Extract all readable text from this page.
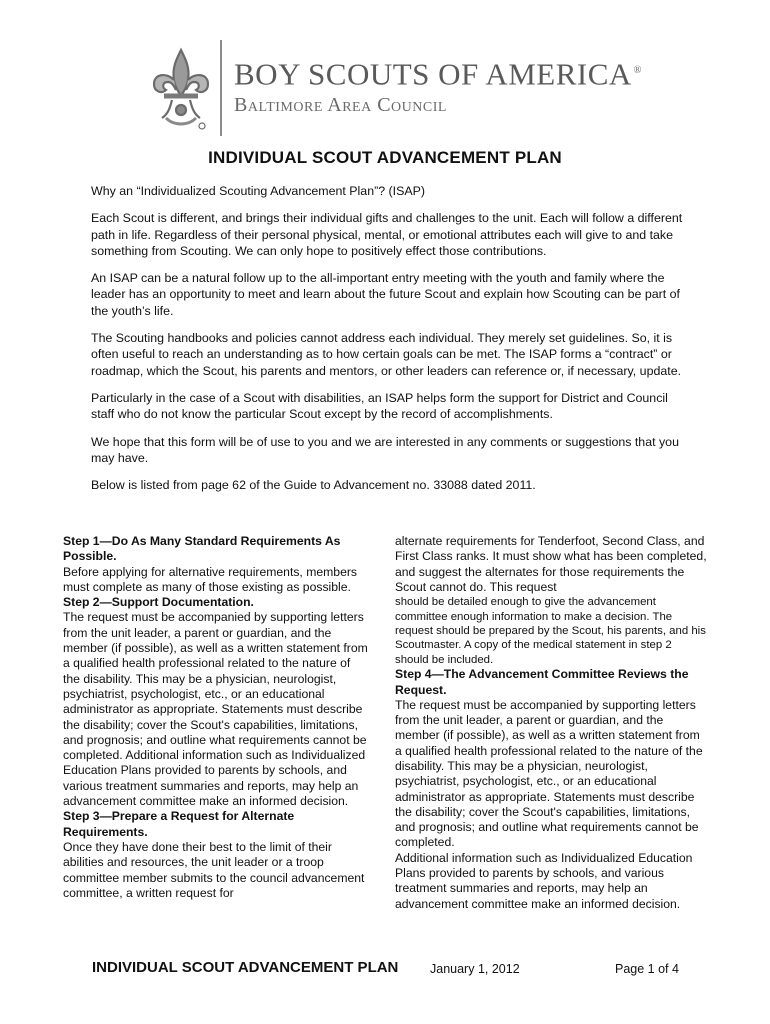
BOY SCOUTS OF AMERICA ®
Baltimore Area Council
INDIVIDUAL SCOUT ADVANCEMENT PLAN

Why an “Individualized Scouting Advancement Plan”? (ISAP)

Each Scout is different, and brings their individual gifts and challenges to the unit. Each will follow a different path in life. Regardless of their personal physical, mental, or emotional attributes each will give to and take something from Scouting. We can only hope to positively effect those contributions.

An ISAP can be a natural follow up to the all-important entry meeting with the youth and family where the leader has an opportunity to meet and learn about the future Scout and explain how Scouting can be part of the youth’s life.

The Scouting handbooks and policies cannot address each individual. They merely set guidelines. So, it is often useful to reach an understanding as to how certain goals can be met. The ISAP forms a “contract” or roadmap, which the Scout, his parents and mentors, or other leaders can reference or, if necessary, update.

Particularly in the case of a Scout with disabilities, an ISAP helps form the support for District and Council staff who do not know the particular Scout except by the record of accomplishments.

We hope that this form will be of use to you and we are interested in any comments or suggestions that you may have.

Below is listed from page 62 of the Guide to Advancement no. 33088 dated 2011.

Step 1—Do As Many Standard Requirements As Possible.

Before applying for alternative requirements, members must complete as many of those existing as possible.

Step 2—Support Documentation.

The request must be accompanied by supporting letters from the unit leader, a parent or guardian, and the member (if possible), as well as a written statement from a qualified health professional related to the nature of the disability. This may be a physician, neurologist, psychiatrist, psychologist, etc., or an educational administrator as appropriate. Statements must describe the disability; cover the Scout's capabilities, limitations, and prognosis; and outline what requirements cannot be completed. Additional information such as Individualized Education Plans provided to parents by schools, and various treatment summaries and reports, may help an advancement committee make an informed decision.

Step 3—Prepare a Request for Alternate Requirements.

Once they have done their best to the limit of their abilities and resources, the unit leader or a troop committee member submits to the council advancement committee, a written request for

alternate requirements for Tenderfoot, Second Class, and First Class ranks. It must show what has been completed, and suggest the alternates for those requirements the Scout cannot do. This request

should be detailed enough to give the advancement committee enough information to make a decision. The request should be prepared by the Scout, his parents, and his Scoutmaster. A copy of the medical statement in step 2 should be included.

Step 4—The Advancement Committee Reviews the Request.

The request must be accompanied by supporting letters from the unit leader, a parent or guardian, and the member (if possible), as well as a written statement from a qualified health professional related to the nature of the disability. This may be a physician, neurologist, psychiatrist, psychologist, etc., or an educational administrator as appropriate. Statements must describe the disability; cover the Scout's capabilities, limitations, and prognosis; and outline what requirements cannot be completed.

Additional information such as Individualized Education Plans provided to parents by schools, and various treatment summaries and reports, may help an advancement committee make an informed decision.

INDIVIDUAL SCOUT ADVANCEMENT PLAN	January 1, 2012	Page 1 of 4
